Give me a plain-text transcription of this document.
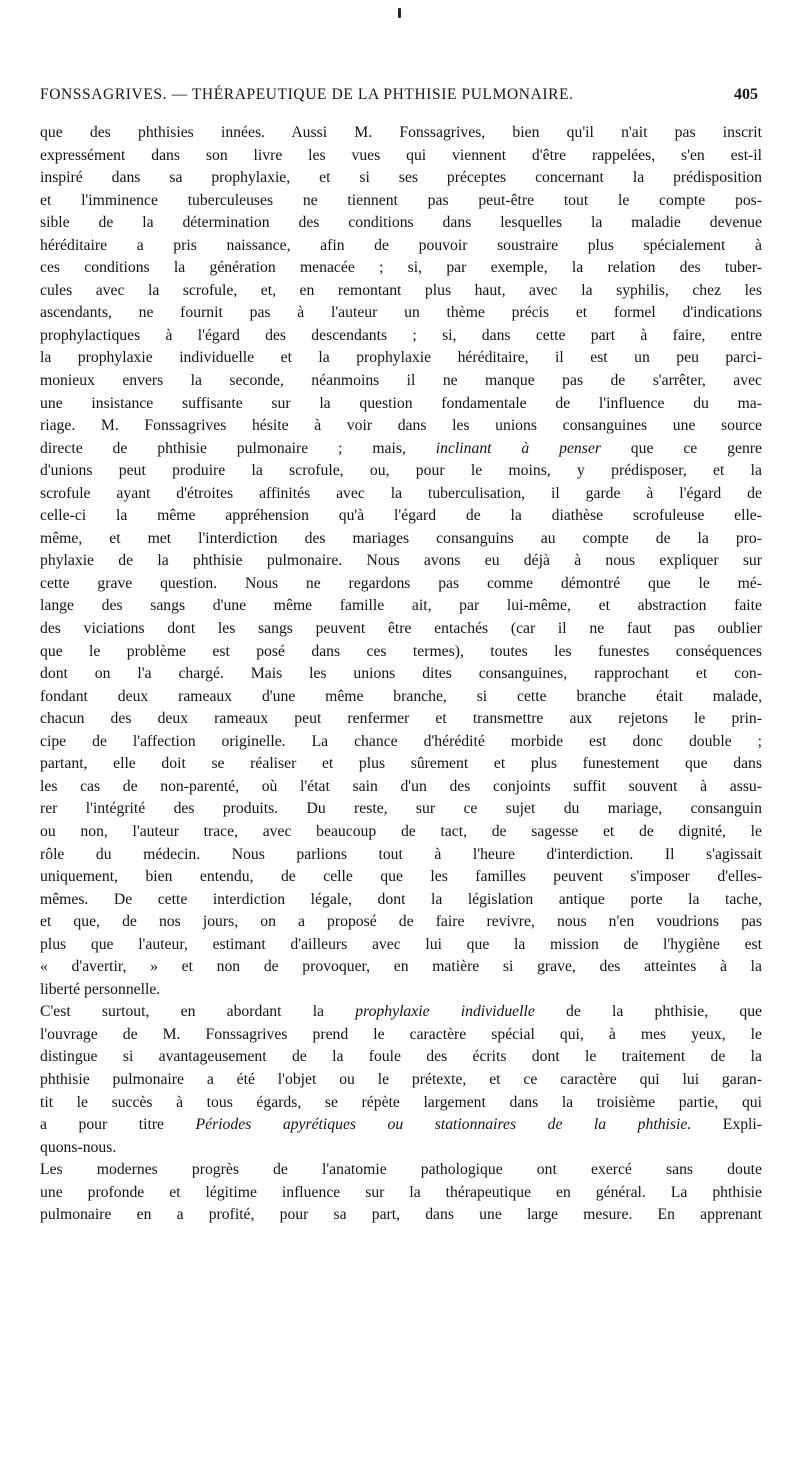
FONSSAGRIVES. — THÉRAPEUTIQUE DE LA PHTHISIE PULMONAIRE.	405
que des phthisies innées. Aussi M. Fonssagrives, bien qu'il n'ait pas inscrit
expressément dans son livre les vues qui viennent d'être rappelées, s'en est-il
inspiré dans sa prophylaxie, et si ses préceptes concernant la prédisposition
et l'imminence tuberculeuses ne tiennent pas peut-être tout le compte pos-
sible de la détermination des conditions dans lesquelles la maladie devenue
héréditaire a pris naissance, afin de pouvoir soustraire plus spécialement à
ces conditions la génération menacée ; si, par exemple, la relation des tuber-
cules avec la scrofule, et, en remontant plus haut, avec la syphilis, chez les
ascendants, ne fournit pas à l'auteur un thème précis et formel d'indications
prophylactiques à l'égard des descendants ; si, dans cette part à faire, entre
la prophylaxie individuelle et la prophylaxie héréditaire, il est un peu parci-
monieux envers la seconde, néanmoins il ne manque pas de s'arrêter, avec
une insistance suffisante sur la question fondamentale de l'influence du ma-
riage. M. Fonssagrives hésite à voir dans les unions consanguines une source
directe de phthisie pulmonaire ; mais, inclinant à penser que ce genre
d'unions peut produire la scrofule, ou, pour le moins, y prédisposer, et la
scrofule ayant d'étroites affinités avec la tuberculisation, il garde à l'égard de
celle-ci la même appréhension qu'à l'égard de la diathèse scrofuleuse elle-
même, et met l'interdiction des mariages consanguins au compte de la pro-
phylaxie de la phthisie pulmonaire. Nous avons eu déjà à nous expliquer sur
cette grave question. Nous ne regardons pas comme démontré que le mé-
lange des sangs d'une même famille ait, par lui-même, et abstraction faite
des viciations dont les sangs peuvent être entachés (car il ne faut pas oublier
que le problème est posé dans ces termes), toutes les funestes conséquences
dont on l'a chargé. Mais les unions dites consanguines, rapprochant et con-
fondant deux rameaux d'une même branche, si cette branche était malade,
chacun des deux rameaux peut renfermer et transmettre aux rejetons le prin-
cipe de l'affection originelle. La chance d'hérédité morbide est donc double ;
partant, elle doit se réaliser et plus sûrement et plus funestement que dans
les cas de non-parenté, où l'état sain d'un des conjoints suffit souvent à assu-
rer l'intégrité des produits. Du reste, sur ce sujet du mariage, consanguin
ou non, l'auteur trace, avec beaucoup de tact, de sagesse et de dignité, le
rôle du médecin. Nous parlions tout à l'heure d'interdiction. Il s'agissait
uniquement, bien entendu, de celle que les familles peuvent s'imposer d'elles-
mêmes. De cette interdiction légale, dont la législation antique porte la tache,
et que, de nos jours, on a proposé de faire revivre, nous n'en voudrions pas
plus que l'auteur, estimant d'ailleurs avec lui que la mission de l'hygiène est
« d'avertir, » et non de provoquer, en matière si grave, des atteintes à la
liberté personnelle.
C'est surtout, en abordant la prophylaxie individuelle de la phthisie, que
l'ouvrage de M. Fonssagrives prend le caractère spécial qui, à mes yeux, le
distingue si avantageusement de la foule des écrits dont le traitement de la
phthisie pulmonaire a été l'objet ou le prétexte, et ce caractère qui lui garan-
tit le succès à tous égards, se répète largement dans la troisième partie, qui
a pour titre Périodes apyrétiques ou stationnaires de la phthisie. Expli-
quons-nous.
Les modernes progrès de l'anatomie pathologique ont exercé sans doute
une profonde et légitime influence sur la thérapeutique en général. La phthisie
pulmonaire en a profité, pour sa part, dans une large mesure. En apprenant
